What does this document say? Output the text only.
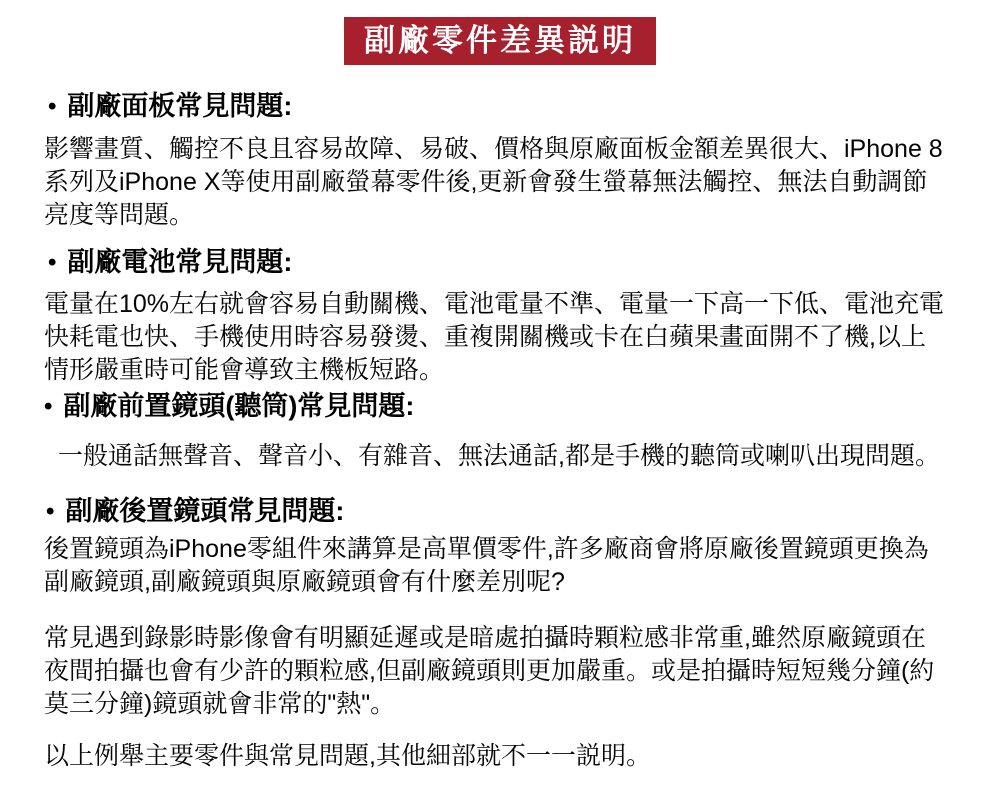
副廠零件差異説明
• 副廠面板常見問題:
影響畫質、觸控不良且容易故障、易破、價格與原廠面板金額差異很大、iPhone 8
系列及iPhone X等使用副廠螢幕零件後,更新會發生螢幕無法觸控、無法自動調節
亮度等問題。
• 副廠電池常見問題:
電量在10%左右就會容易自動關機、電池電量不準、電量一下高一下低、電池充電
快耗電也快、手機使用時容易發燙、重複開關機或卡在白蘋果畫面開不了機,以上
情形嚴重時可能會導致主機板短路。
• 副廠前置鏡頭(聽筒)常見問題:
一般通話無聲音、聲音小、有雜音、無法通話,都是手機的聽筒或喇叭出現問題。
• 副廠後置鏡頭常見問題:
後置鏡頭為iPhone零組件來講算是高單價零件,許多廠商會將原廠後置鏡頭更換為
副廠鏡頭,副廠鏡頭與原廠鏡頭會有什麼差別呢?
常見遇到錄影時影像會有明顯延遲或是暗處拍攝時顆粒感非常重,雖然原廠鏡頭在
夜間拍攝也會有少許的顆粒感,但副廠鏡頭則更加嚴重。或是拍攝時短短幾分鐘(約
莫三分鐘)鏡頭就會非常的"熱"。
以上例舉主要零件與常見問題,其他細部就不一一説明。
